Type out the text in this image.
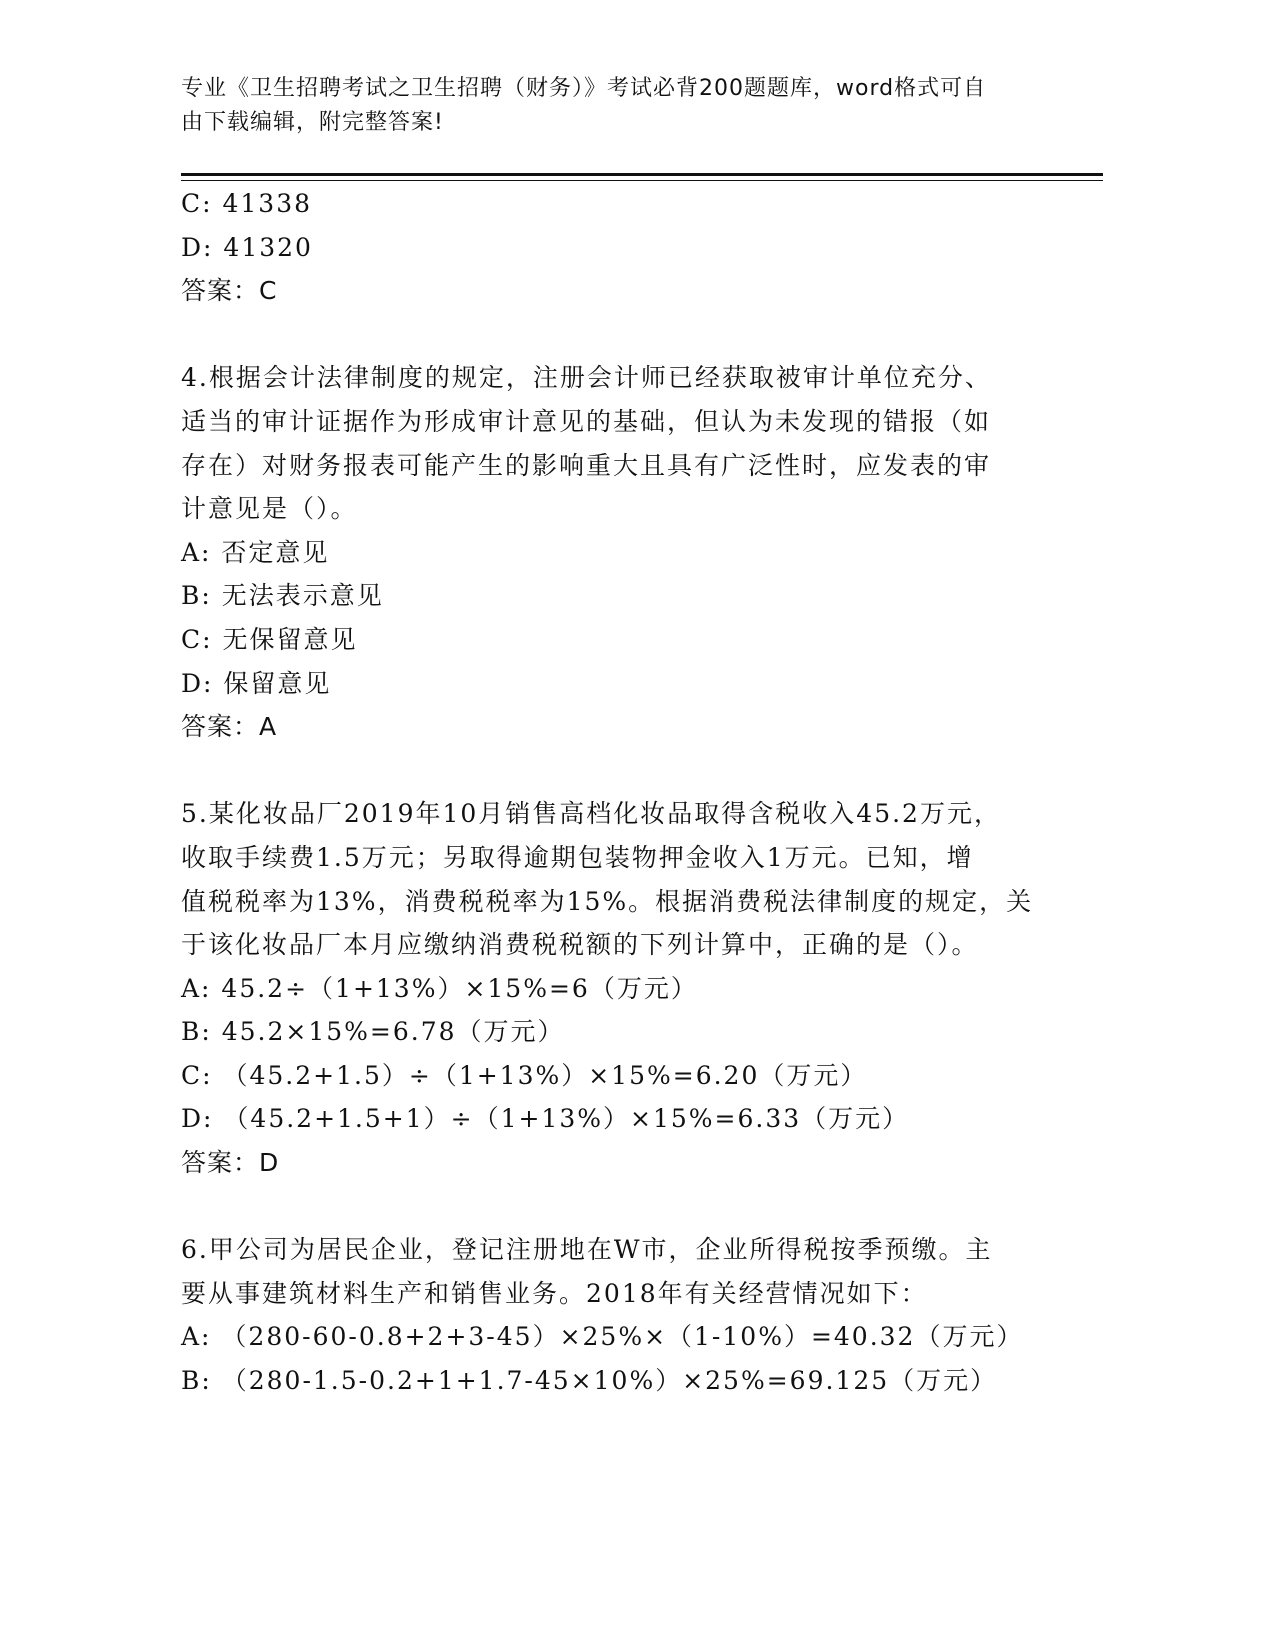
专业《卫生招聘考试之卫生招聘（财务）》考试必背200题题库，word格式可自
由下载编辑，附完整答案!
C: 41338
D: 41320
答案：C
4.根据会计法律制度的规定，注册会计师已经获取被审计单位充分、
适当的审计证据作为形成审计意见的基础，但认为未发现的错报（如
存在）对财务报表可能产生的影响重大且具有广泛性时，应发表的审
计意见是（）。
A: 否定意见
B: 无法表示意见
C: 无保留意见
D: 保留意见
答案：A
5.某化妆品厂2019年10月销售高档化妆品取得含税收入45.2万元，
收取手续费1.5万元；另取得逾期包装物押金收入1万元。已知，增
值税税率为13%，消费税税率为15%。根据消费税法律制度的规定，关
于该化妆品厂本月应缴纳消费税税额的下列计算中，正确的是（）。
A: 45.2÷（1+13%）×15%=6（万元）
B: 45.2×15%=6.78（万元）
C: （45.2+1.5）÷（1+13%）×15%=6.20（万元）
D: （45.2+1.5+1）÷（1+13%）×15%=6.33（万元）
答案：D
6.甲公司为居民企业，登记注册地在W市，企业所得税按季预缴。主
要从事建筑材料生产和销售业务。2018年有关经营情况如下：
A: （280-60-0.8+2+3-45）×25%×（1-10%）=40.32（万元）
B: （280-1.5-0.2+1+1.7-45×10%）×25%=69.125（万元）
